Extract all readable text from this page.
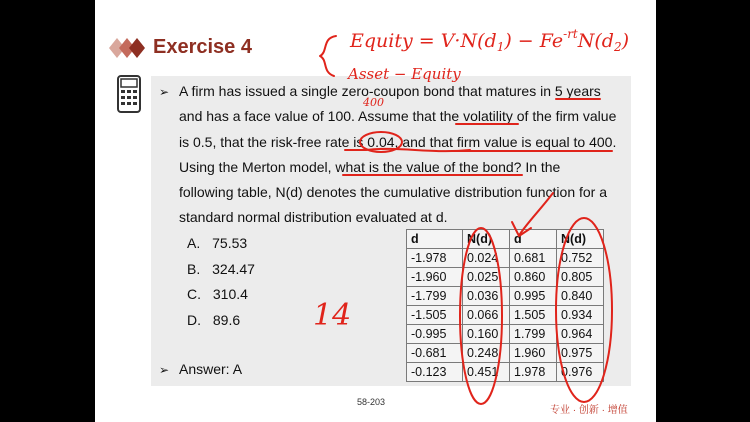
Exercise 4
➢ A firm has issued a single zero-coupon bond that matures in 5 years
and has a face value of 100. Assume that the volatility of the firm value
is 0.5, that the risk-free rate is 0.04, and that firm value is equal to 400.
Using the Merton model, what is the value of the bond? In the
following table, N(d) denotes the cumulative distribution function for a
standard normal distribution evaluated at d.
A. 75.53
B. 324.47
C. 310.4
D. 89.6
➢ Answer: A
d	N(d)	d	N(d)
-1.978	0.024	0.681	0.752
-1.960	0.025	0.860	0.805
-1.799	0.036	0.995	0.840
-1.505	0.066	1.505	0.934
-0.995	0.160	1.799	0.964
-0.681	0.248	1.960	0.975
-0.123	0.451	1.978	0.976
58-203
专业 · 创新 · 增值
Equity = $V\cdot N(d_1) - Fe^{-rt}N(d_2)$
Asset − Equity
400
14
